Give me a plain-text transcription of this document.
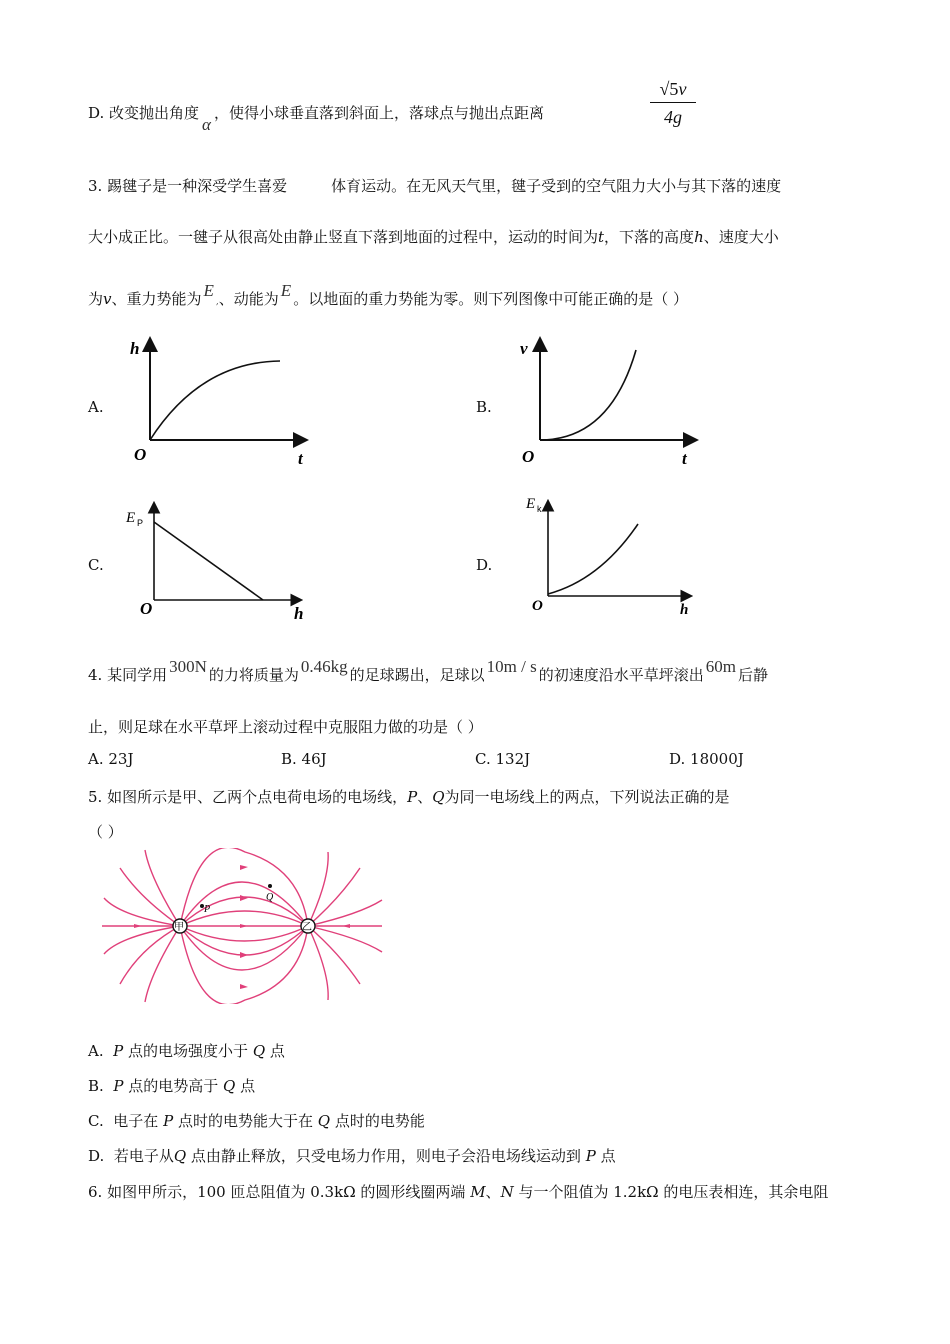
D. 改变抛出角度α，使得小球垂直落到斜面上，落球点与抛出点距离
√5v
4g
3. 踢毽子是一种深受学生喜爱	体育运动。在无风天气里，毽子受到的空气阻力大小与其下落的速度
大小成正比。一毽子从很高处由静止竖直下落到地面的过程中，运动的时间为t，下落的高度h、速度大小
为v、重力势能为 E,、动能为 E 。以地面的重力势能为零。则下列图像中可能正确的是（ ）
A.	B.
C.	D.
h
t
O
v
t
O
E P
h
O
E k
h
O
4. 某同学用 300N 的力将质量为 0.46kg 的足球踢出，足球以 10m / s 的初速度沿水平草坪滚出 60m 后静
止，则足球在水平草坪上滚动过程中克服阻力做的功是（ ）
A. 23J	B. 46J	C. 132J	D. 18000J
5. 如图所示是甲、乙两个点电荷电场的电场线，P、Q为同一电场线上的两点，下列说法正确的是
（ ）
甲	乙
P
Q
A. P 点的电场强度小于 Q 点
B. P 点的电势高于 Q 点
C. 电子在 P 点时的电势能大于在 Q 点时的电势能
D. 若电子从Q 点由静止释放，只受电场力作用，则电子会沿电场线运动到 P 点
6. 如图甲所示，100 匝总阻值为 0.3kΩ 的圆形线圈两端 M、N 与一个阻值为 1.2kΩ 的电压表相连，其余电阻
